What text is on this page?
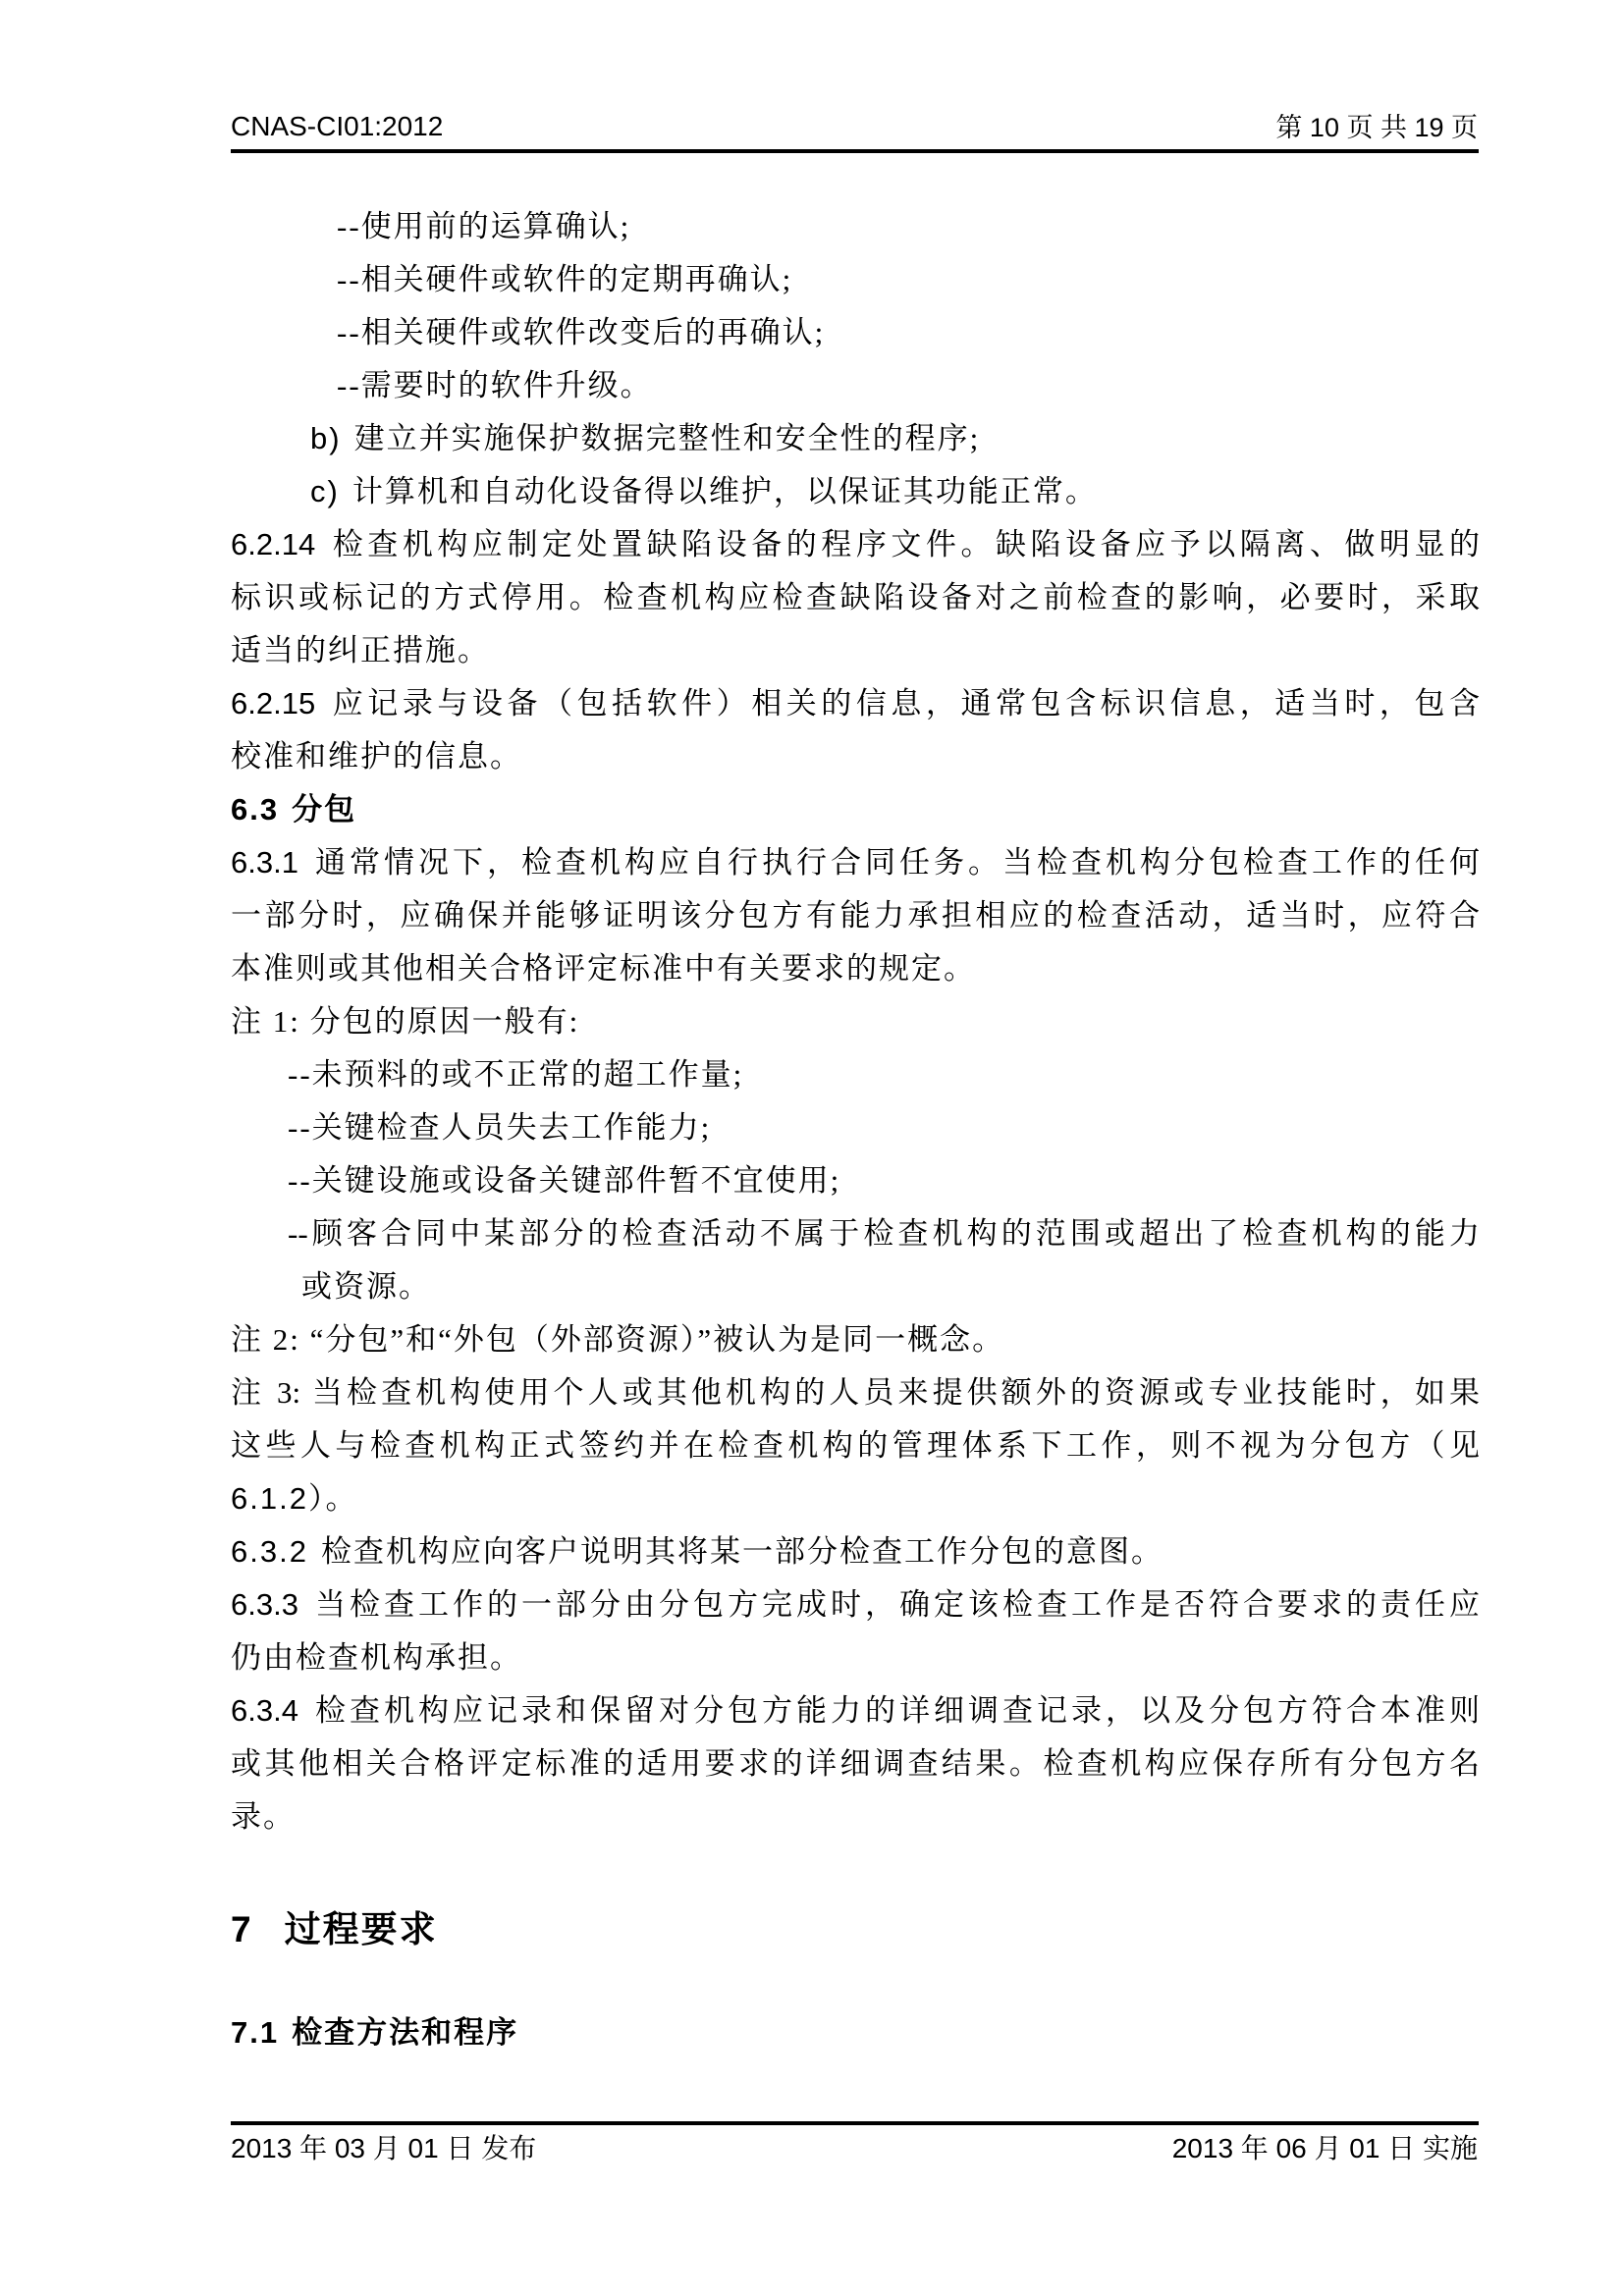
CNAS-CI01:2012	第 10 页 共 19 页
--使用前的运算确认;
--相关硬件或软件的定期再确认;
--相关硬件或软件改变后的再确认;
--需要时的软件升级。
b) 建立并实施保护数据完整性和安全性的程序;
c) 计算机和自动化设备得以维护，以保证其功能正常。
6.2.14 检查机构应制定处置缺陷设备的程序文件。缺陷设备应予以隔离、做明显的
标识或标记的方式停用。检查机构应检查缺陷设备对之前检查的影响，必要时，采取
适当的纠正措施。
6.2.15 应记录与设备（包括软件）相关的信息，通常包含标识信息，适当时，包含
校准和维护的信息。
6.3 分包
6.3.1 通常情况下，检查机构应自行执行合同任务。当检查机构分包检查工作的任何
一部分时，应确保并能够证明该分包方有能力承担相应的检查活动，适当时，应符合
本准则或其他相关合格评定标准中有关要求的规定。
注 1: 分包的原因一般有:
--未预料的或不正常的超工作量;
--关键检查人员失去工作能力;
--关键设施或设备关键部件暂不宜使用;
--顾客合同中某部分的检查活动不属于检查机构的范围或超出了检查机构的能力
或资源。
注 2: “分包”和“外包（外部资源）”被认为是同一概念。
注 3: 当检查机构使用个人或其他机构的人员来提供额外的资源或专业技能时，如果
这些人与检查机构正式签约并在检查机构的管理体系下工作，则不视为分包方（见
6.1.2）。
6.3.2 检查机构应向客户说明其将某一部分检查工作分包的意图。
6.3.3 当检查工作的一部分由分包方完成时，确定该检查工作是否符合要求的责任应
仍由检查机构承担。
6.3.4 检查机构应记录和保留对分包方能力的详细调查记录，以及分包方符合本准则
或其他相关合格评定标准的适用要求的详细调查结果。检查机构应保存所有分包方名
录。
7 过程要求
7.1 检查方法和程序
2013 年 03 月 01 日 发布	2013 年 06 月 01 日 实施
